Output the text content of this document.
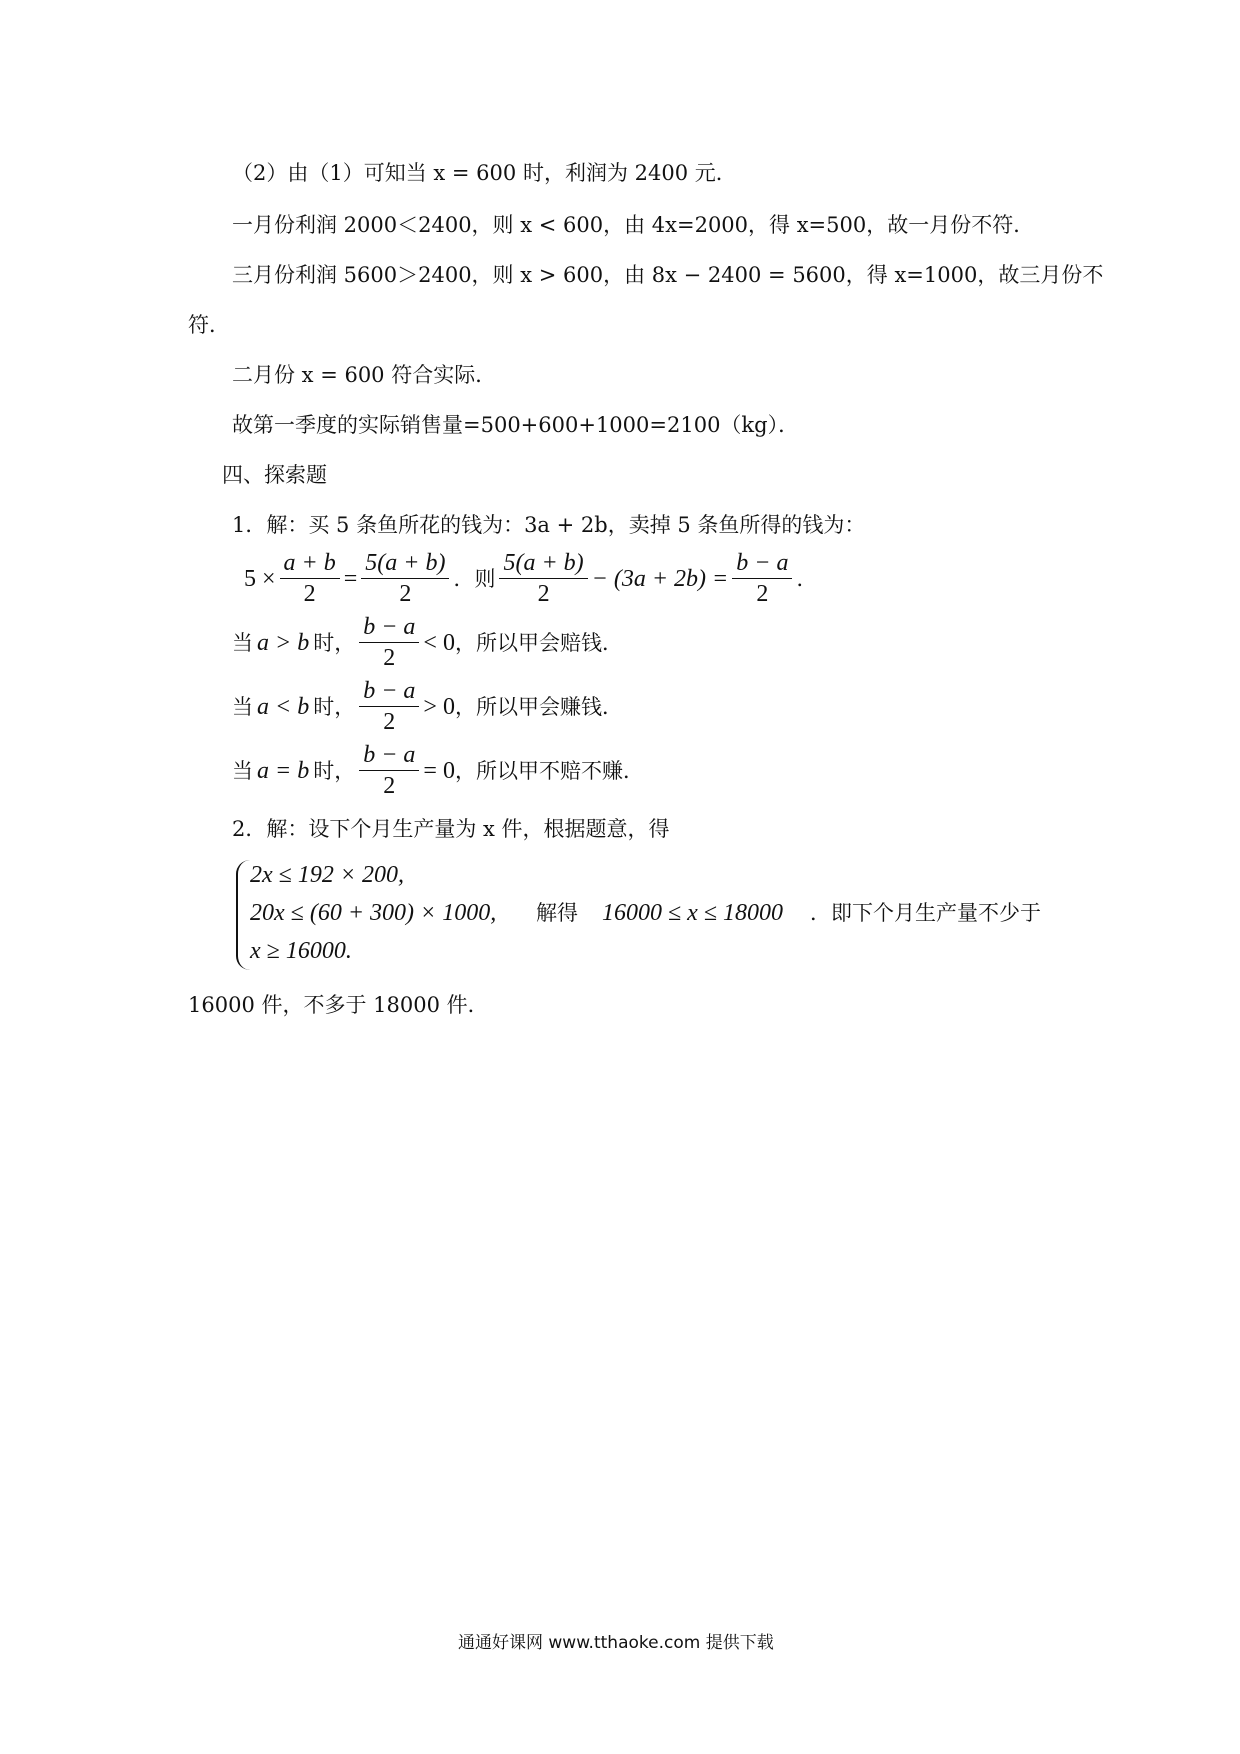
（2）由（1）可知当 x = 600 时，利润为 2400 元．
一月份利润 2000＜2400，则 x < 600，由 4x=2000，得 x=500，故一月份不符．
三月份利润 5600＞2400，则 x > 600，由 8x − 2400 = 5600，得 x=1000，故三月份不
符．
二月份 x = 600 符合实际．
故第一季度的实际销售量=500+600+1000=2100（kg）．
四、探索题
1．解：买 5 条鱼所花的钱为：3a + 2b，卖掉 5 条鱼所得的钱为：
$5 \times \frac{a + b}{2} = \frac{5(a + b)}{2}$ ．则 $\frac{5(a + b)}{2} - (3a + 2b) = \frac{b - a}{2}$ ．
当 a > b 时， $\frac{b - a}{2} < 0$ ，所以甲会赔钱．
当 a < b 时， $\frac{b - a}{2} > 0$ ，所以甲会赚钱．
当 a = b 时， $\frac{b - a}{2} = 0$ ，所以甲不赔不赚．
2．解：设下个月生产量为 x 件，根据题意，得
2x ≤ 192 × 200,
20x ≤ (60 + 300) × 1000,
x ≥ 16000.
解得 16000 ≤ x ≤ 18000 ．即下个月生产量不少于
16000 件，不多于 18000 件．
通通好课网 www.tthaoke.com 提供下载
